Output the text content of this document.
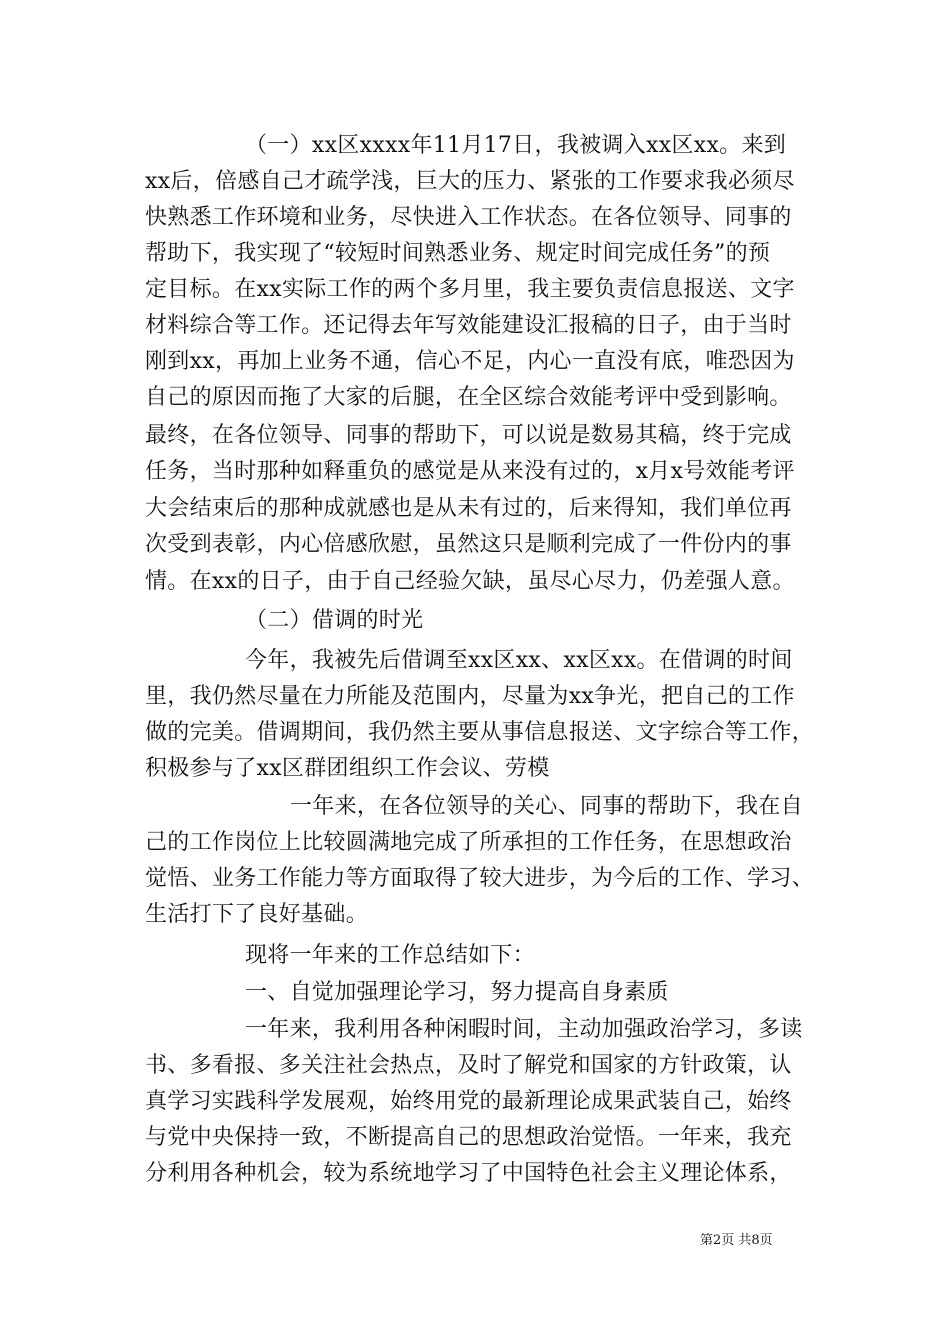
（一）xx区xxxx年11月17日，我被调入xx区xx。来到
xx后，倍感自己才疏学浅，巨大的压力、紧张的工作要求我必须尽
快熟悉工作环境和业务，尽快进入工作状态。在各位领导、同事的
帮助下，我实现了“较短时间熟悉业务、规定时间完成任务”的预
定目标。在xx实际工作的两个多月里，我主要负责信息报送、文字
材料综合等工作。还记得去年写效能建设汇报稿的日子，由于当时
刚到xx，再加上业务不通，信心不足，内心一直没有底，唯恐因为
自己的原因而拖了大家的后腿，在全区综合效能考评中受到影响。
最终，在各位领导、同事的帮助下，可以说是数易其稿，终于完成
任务，当时那种如释重负的感觉是从来没有过的，x月x号效能考评
大会结束后的那种成就感也是从未有过的，后来得知，我们单位再
次受到表彰，内心倍感欣慰，虽然这只是顺利完成了一件份内的事
情。在xx的日子，由于自己经验欠缺，虽尽心尽力，仍差强人意。
（二）借调的时光
今年，我被先后借调至xx区xx、xx区xx。在借调的时间
里，我仍然尽量在力所能及范围内，尽量为xx争光，把自己的工作
做的完美。借调期间，我仍然主要从事信息报送、文字综合等工作，
积极参与了xx区群团组织工作会议、劳模
一年来，在各位领导的关心、同事的帮助下，我在自
己的工作岗位上比较圆满地完成了所承担的工作任务，在思想政治
觉悟、业务工作能力等方面取得了较大进步，为今后的工作、学习、
生活打下了良好基础。
现将一年来的工作总结如下：
一、自觉加强理论学习，努力提高自身素质
一年来，我利用各种闲暇时间，主动加强政治学习，多读
书、多看报、多关注社会热点，及时了解党和国家的方针政策，认
真学习实践科学发展观，始终用党的最新理论成果武装自己，始终
与党中央保持一致，不断提高自己的思想政治觉悟。一年来，我充
分利用各种机会，较为系统地学习了中国特色社会主义理论体系，
第2页 共8页
